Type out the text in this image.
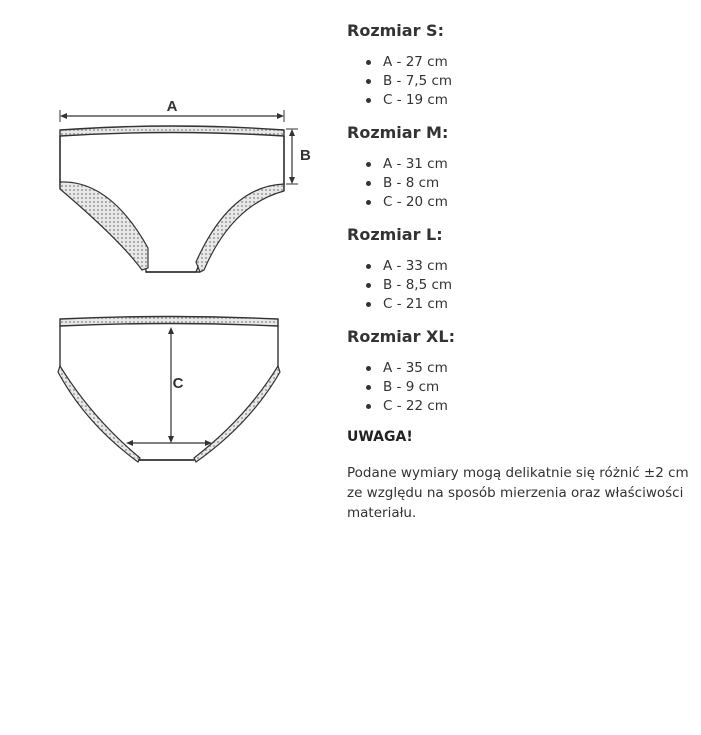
A
B
C
Rozmiar S:
A - 27 cm
B - 7,5 cm
C - 19 cm
Rozmiar M:
A - 31 cm
B - 8 cm
C - 20 cm
Rozmiar L:
A - 33 cm
B - 8,5 cm
C - 21 cm
Rozmiar XL:
A - 35 cm
B - 9 cm
C - 22 cm
UWAGA!

Podane wymiary mogą delikatnie się różnić ±2 cm ze względu na sposób mierzenia oraz właściwości materiału.
